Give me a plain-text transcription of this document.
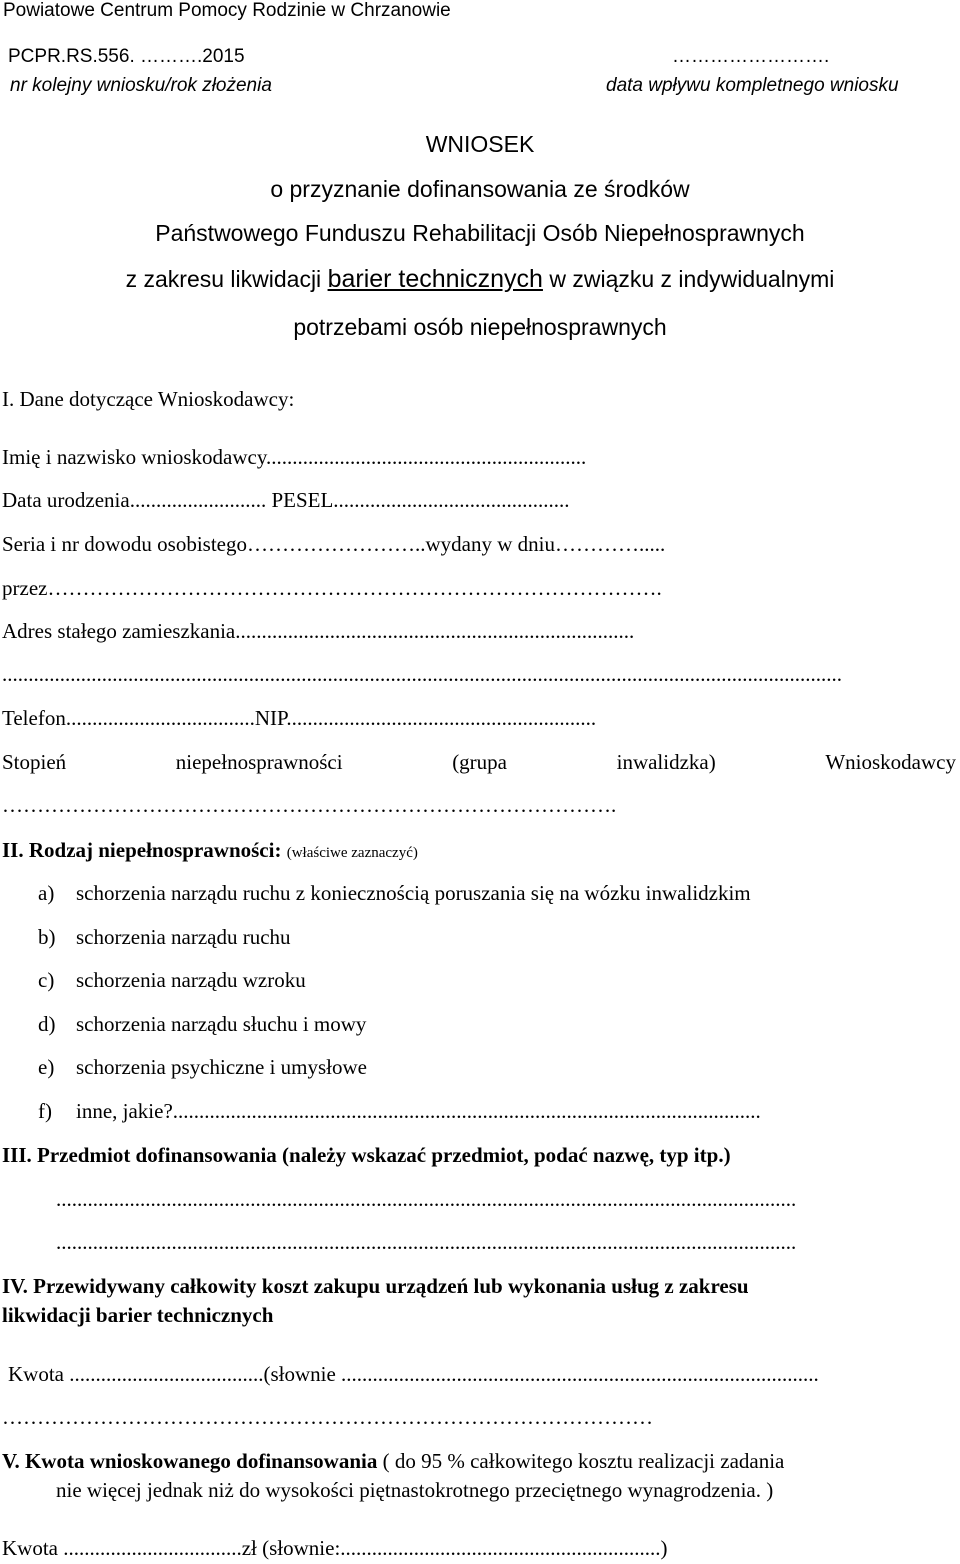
Powiatowe Centrum Pomocy Rodzinie w Chrzanowie
PCPR.RS.556. ……….2015	…………………….
nr kolejny wniosku/rok złożenia	data wpływu kompletnego wniosku
WNIOSEK
o przyznanie dofinansowania ze środków
Państwowego Funduszu Rehabilitacji Osób Niepełnosprawnych
z zakresu likwidacji barier technicznych w związku z indywidualnymi
potrzebami osób niepełnosprawnych
I. Dane dotyczące Wnioskodawcy:
Imię i nazwisko wnioskodawcy.............................................................
Data urodzenia.......................... PESEL.............................................
Seria i nr dowodu osobistego……………………..wydany w dniu………….....
przez…………………………………………………………………………….
Adres stałego zamieszkania............................................................................
................................................................................................................................................................
Telefon....................................NIP...........................................................
Stopień	niepełnosprawności	(grupa	inwalidzka)	Wnioskodawcy
…………………………………………………………………………….
II. Rodzaj niepełnosprawności: (właściwe zaznaczyć)
a) schorzenia narządu ruchu z koniecznością poruszania się na wózku inwalidzkim
b) schorzenia narządu ruchu
c) schorzenia narządu wzroku
d) schorzenia narządu słuchu i mowy
e) schorzenia psychiczne i umysłowe
f) inne, jakie?................................................................................................................
III. Przedmiot dofinansowania (należy wskazać przedmiot, podać nazwę, typ itp.)
.............................................................................................................................................
.............................................................................................................................................
IV. Przewidywany całkowity koszt zakupu urządzeń lub wykonania usług z zakresu
likwidacji barier technicznych
Kwota .....................................(słownie ...........................................................................................
…………………………………………………………………………………
V. Kwota wnioskowanego dofinansowania ( do 95 % całkowitego kosztu realizacji zadania
nie więcej jednak niż do wysokości piętnastokrotnego przeciętnego wynagrodzenia. )
Kwota ..................................zł (słownie:.............................................................)
